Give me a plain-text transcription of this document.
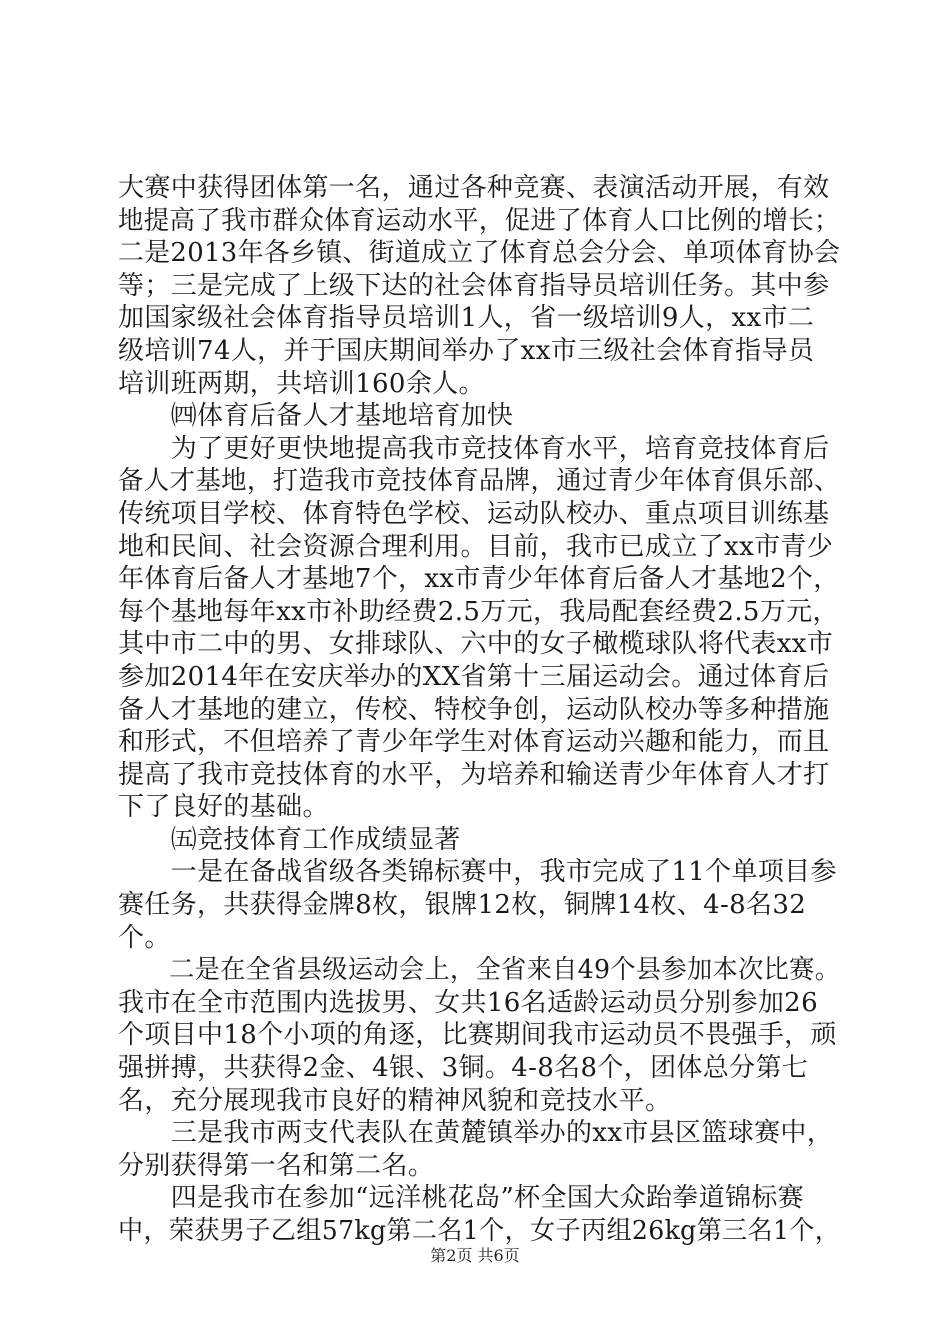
大赛中获得团体第一名，通过各种竞赛、表演活动开展，有效
地提高了我市群众体育运动水平，促进了体育人口比例的增长；
二是2013年各乡镇、街道成立了体育总会分会、单项体育协会
等；三是完成了上级下达的社会体育指导员培训任务。其中参
加国家级社会体育指导员培训1人，省一级培训9人，xx市二
级培训74人，并于国庆期间举办了xx市三级社会体育指导员
培训班两期，共培训160余人。
　　㈣体育后备人才基地培育加快
　　为了更好更快地提高我市竞技体育水平，培育竞技体育后
备人才基地，打造我市竞技体育品牌，通过青少年体育俱乐部、
传统项目学校、体育特色学校、运动队校办、重点项目训练基
地和民间、社会资源合理利用。目前，我市已成立了xx市青少
年体育后备人才基地7个，xx市青少年体育后备人才基地2个，
每个基地每年xx市补助经费2.5万元，我局配套经费2.5万元，
其中市二中的男、女排球队、六中的女子橄榄球队将代表xx市
参加2014年在安庆举办的XX省第十三届运动会。通过体育后
备人才基地的建立，传校、特校争创，运动队校办等多种措施
和形式，不但培养了青少年学生对体育运动兴趣和能力，而且
提高了我市竞技体育的水平，为培养和输送青少年体育人才打
下了良好的基础。
　　㈤竞技体育工作成绩显著
　　一是在备战省级各类锦标赛中，我市完成了11个单项目参
赛任务，共获得金牌8枚，银牌12枚，铜牌14枚、4-8名32
个。
　　二是在全省县级运动会上，全省来自49个县参加本次比赛。
我市在全市范围内选拔男、女共16名适龄运动员分别参加26
个项目中18个小项的角逐，比赛期间我市运动员不畏强手，顽
强拼搏，共获得2金、4银、3铜。4-8名8个，团体总分第七
名，充分展现我市良好的精神风貌和竞技水平。
　　三是我市两支代表队在黄麓镇举办的xx市县区篮球赛中，
分别获得第一名和第二名。
　　四是我市在参加“远洋桃花岛”杯全国大众跆拳道锦标赛
中，荣获男子乙组57kg第二名1个，女子丙组26kg第三名1个，
第2页 共6页
